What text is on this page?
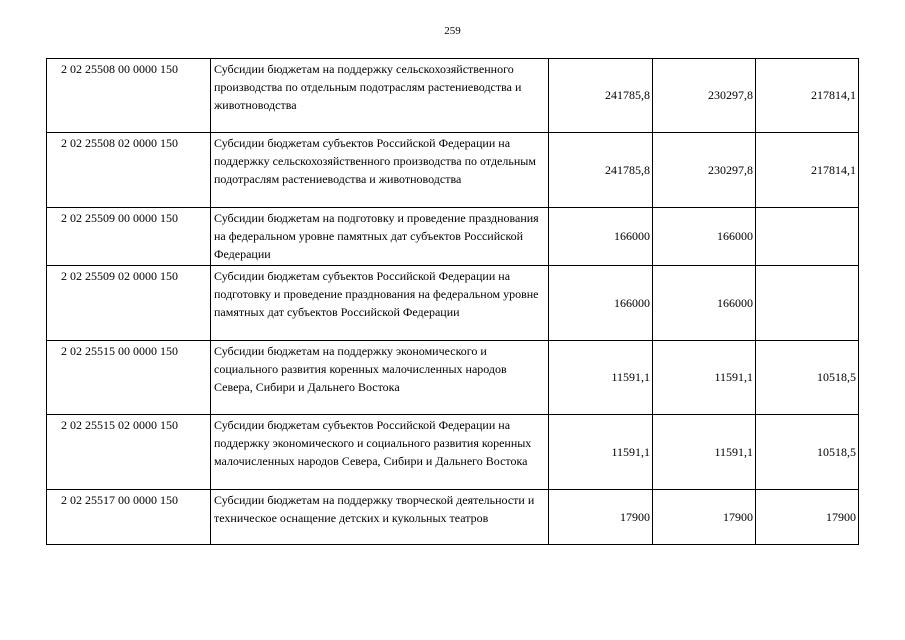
259
2 02 25508 00 0000 150	Субсидии бюджетам на поддержку сельскохозяйственного производства по отдельным подотраслям растениеводства и животноводства	241785,8	230297,8	217814,1
2 02 25508 02 0000 150	Субсидии бюджетам субъектов Российской Федерации на поддержку сельскохозяйственного производства по отдельным подотраслям растениеводства и животноводства	241785,8	230297,8	217814,1
2 02 25509 00 0000 150	Субсидии бюджетам на подготовку и проведение празднования на федеральном уровне памятных дат субъектов Российской Федерации	166000	166000	
2 02 25509 02 0000 150	Субсидии бюджетам субъектов Российской Федерации на подготовку и проведение празднования на федеральном уровне памятных дат субъектов Российской Федерации	166000	166000	
2 02 25515 00 0000 150	Субсидии бюджетам на поддержку экономического и социального развития коренных малочисленных народов Севера, Сибири и Дальнего Востока	11591,1	11591,1	10518,5
2 02 25515 02 0000 150	Субсидии бюджетам субъектов Российской Федерации на поддержку экономического и социального развития коренных малочисленных народов Севера, Сибири и Дальнего Востока	11591,1	11591,1	10518,5
2 02 25517 00 0000 150	Субсидии бюджетам на поддержку творческой деятельности и техническое оснащение детских и кукольных театров	17900	17900	17900
